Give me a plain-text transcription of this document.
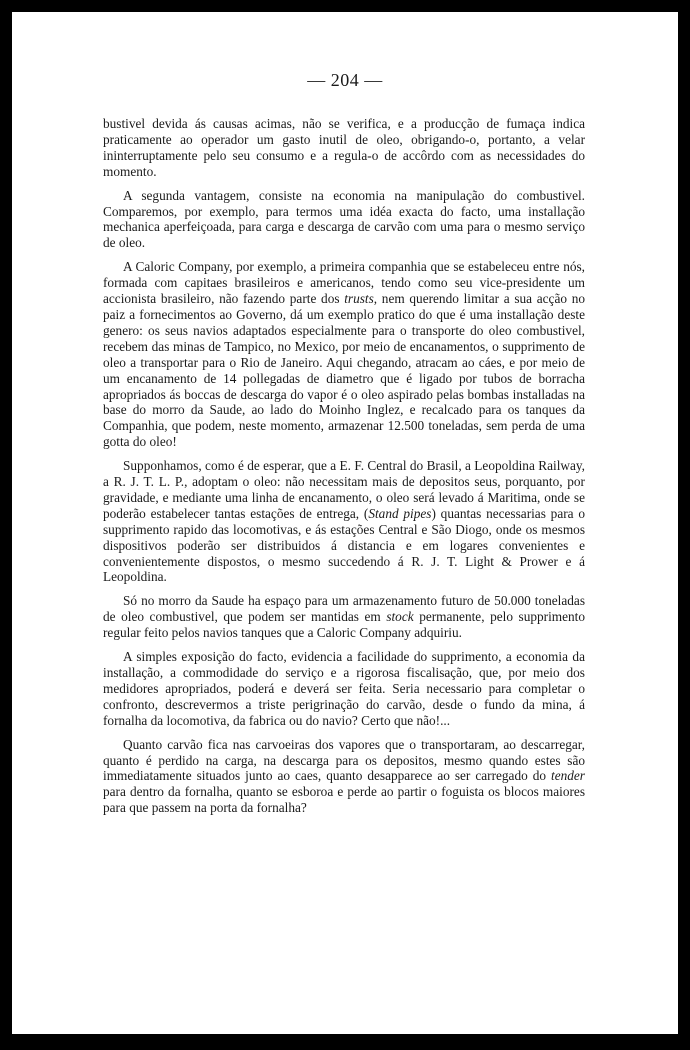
— 204 —

bustivel devida ás causas acimas, não se verifica, e a producção de fumaça indica praticamente ao operador um gasto inutil de oleo, obrigando-o, portanto, a velar ininterruptamente pelo seu consumo e a regula-o de accôrdo com as necessidades do momento.

A segunda vantagem, consiste na economia na manipulação do combustivel. Comparemos, por exemplo, para termos uma idéa exacta do facto, uma installação mechanica aperfeiçoada, para carga e descarga de carvão com uma para o mesmo serviço de oleo.

A Caloric Company, por exemplo, a primeira companhia que se estabeleceu entre nós, formada com capitaes brasileiros e americanos, tendo como seu vice-presidente um accionista brasileiro, não fazendo parte dos trusts, nem querendo limitar a sua acção no paiz a fornecimentos ao Governo, dá um exemplo pratico do que é uma installação deste genero: os seus navios adaptados especialmente para o transporte do oleo combustivel, recebem das minas de Tampico, no Mexico, por meio de encanamentos, o supprimento de oleo a transportar para o Rio de Janeiro. Aqui chegando, atracam ao cáes, e por meio de um encanamento de 14 pollegadas de diametro que é ligado por tubos de borracha apropriados ás boccas de descarga do vapor é o oleo aspirado pelas bombas installadas na base do morro da Saude, ao lado do Moinho Inglez, e recalcado para os tanques da Companhia, que podem, neste momento, armazenar 12.500 toneladas, sem perda de uma gotta do oleo!

Supponhamos, como é de esperar, que a E. F. Central do Brasil, a Leopoldina Railway, a R. J. T. L. P., adoptam o oleo: não necessitam mais de depositos seus, porquanto, por gravidade, e mediante uma linha de encanamento, o oleo será levado á Maritima, onde se poderão estabelecer tantas estações de entrega, (Stand pipes) quantas necessarias para o supprimento rapido das locomotivas, e ás estações Central e São Diogo, onde os mesmos dispositivos poderão ser distribuidos á distancia e em logares convenientes e convenientemente dispostos, o mesmo succedendo á R. J. T. Light & Prower e á Leopoldina.

Só no morro da Saude ha espaço para um armazenamento futuro de 50.000 toneladas de oleo combustivel, que podem ser mantidas em stock permanente, pelo supprimento regular feito pelos navios tanques que a Caloric Company adquiriu.

A simples exposição do facto, evidencia a facilidade do supprimento, a economia da installação, a commodidade do serviço e a rigorosa fiscalisação, que, por meio dos medidores apropriados, poderá e deverá ser feita. Seria necessario para completar o confronto, descrevermos a triste perigrinação do carvão, desde o fundo da mina, á fornalha da locomotiva, da fabrica ou do navio? Certo que não!...

Quanto carvão fica nas carvoeiras dos vapores que o transportaram, ao descarregar, quanto é perdido na carga, na descarga para os depositos, mesmo quando estes são immediatamente situados junto ao caes, quanto desapparece ao ser carregado do tender para dentro da fornalha, quanto se esboroa e perde ao partir o foguista os blocos maiores para que passem na porta da fornalha?
